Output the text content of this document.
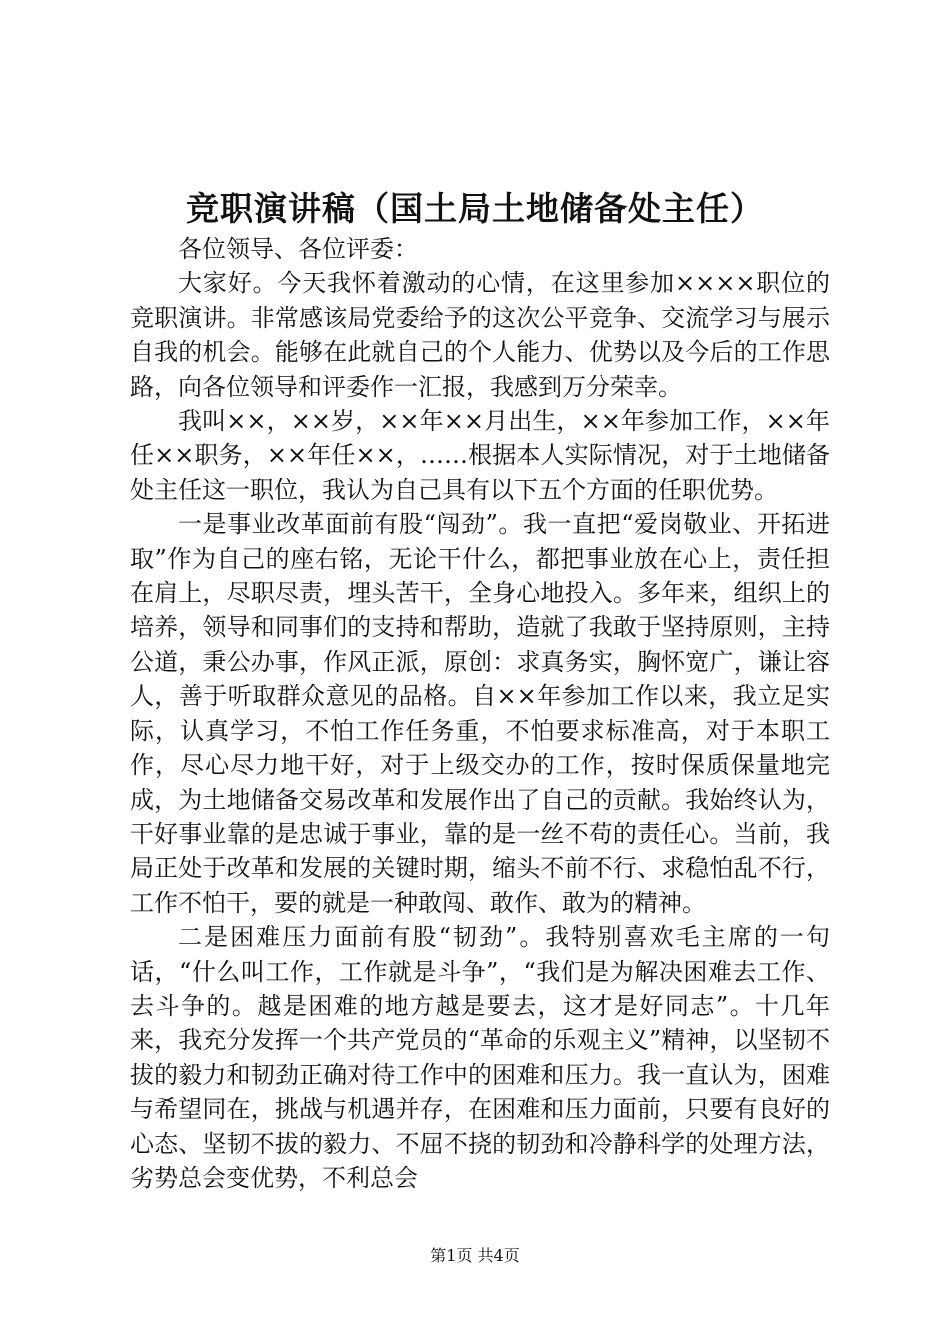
竞职演讲稿（国土局土地储备处主任）

各位领导、各位评委：

大家好。今天我怀着激动的心情，在这里参加××××职位的竞职演讲。非常感该局党委给予的这次公平竞争、交流学习与展示自我的机会。能够在此就自己的个人能力、优势以及今后的工作思路，向各位领导和评委作一汇报，我感到万分荣幸。

我叫××，××岁，××年××月出生，××年参加工作，××年任××职务，××年任××，……根据本人实际情况，对于土地储备处主任这一职位，我认为自己具有以下五个方面的任职优势。

一是事业改革面前有股“闯劲”。我一直把“爱岗敬业、开拓进取”作为自己的座右铭，无论干什么，都把事业放在心上，责任担在肩上，尽职尽责，埋头苦干，全身心地投入。多年来，组织上的培养，领导和同事们的支持和帮助，造就了我敢于坚持原则，主持公道，秉公办事，作风正派，原创：求真务实，胸怀宽广，谦让容人，善于听取群众意见的品格。自××年参加工作以来，我立足实际，认真学习，不怕工作任务重，不怕要求标准高，对于本职工作，尽心尽力地干好，对于上级交办的工作，按时保质保量地完成，为土地储备交易改革和发展作出了自己的贡献。我始终认为，干好事业靠的是忠诚于事业，靠的是一丝不苟的责任心。当前，我局正处于改革和发展的关键时期，缩头不前不行、求稳怕乱不行，工作不怕干，要的就是一种敢闯、敢作、敢为的精神。

二是困难压力面前有股“韧劲”。我特别喜欢毛主席的一句话，“什么叫工作，工作就是斗争”，“我们是为解决困难去工作、去斗争的。越是困难的地方越是要去，这才是好同志”。十几年来，我充分发挥一个共产党员的“革命的乐观主义”精神，以坚韧不拔的毅力和韧劲正确对待工作中的困难和压力。我一直认为，困难与希望同在，挑战与机遇并存，在困难和压力面前，只要有良好的心态、坚韧不拔的毅力、不屈不挠的韧劲和冷静科学的处理方法，劣势总会变优势，不利总会

第1页 共4页
